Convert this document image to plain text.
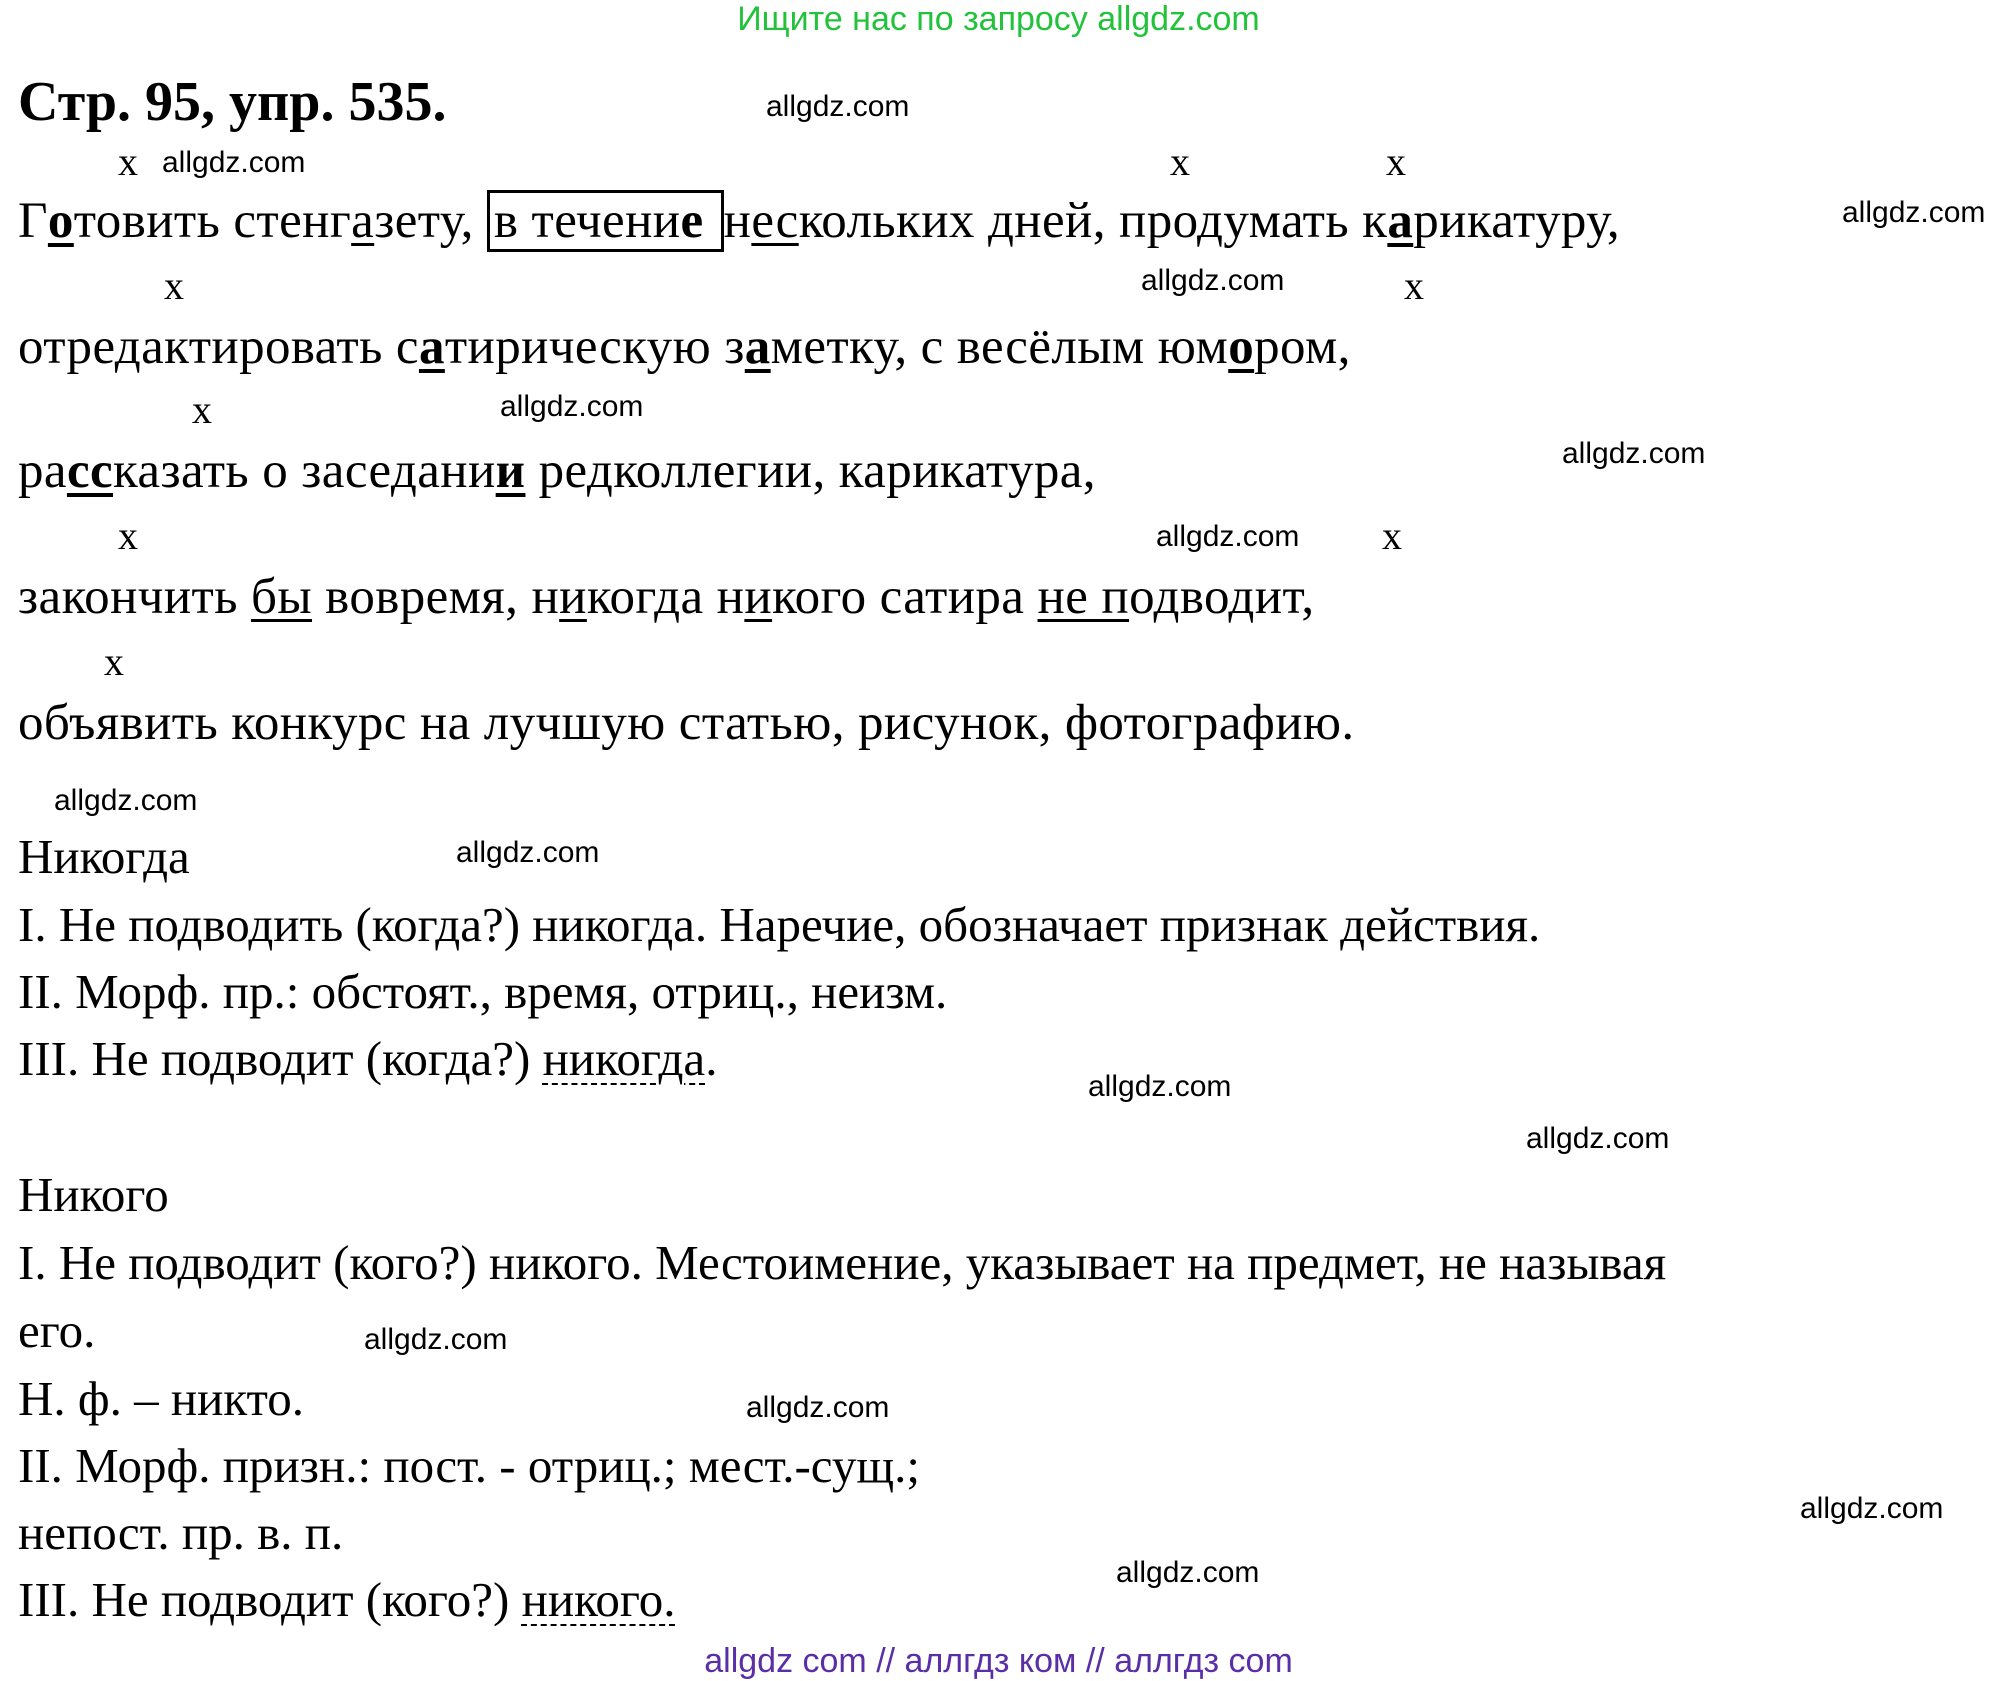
Ищите нас по запросу allgdz.com
Стр. 95, упр. 535.
x	x	x
x	x
x
x	x
x
Готовить стенгазету, в течение нескольких дней, продумать карикатуру,
отредактировать сатирическую заметку, с весёлым юмором,
рассказать о заседании редколлегии, карикатура,
закончить бы вовремя, никогда никого сатира не подводит,
объявить конкурс на лучшую статью, рисунок, фотографию.
Никогда
I. Не подводить (когда?) никогда. Наречие, обозначает признак действия.
II. Морф. пр.: обстоят., время, отриц., неизм.
III. Не подводит (когда?) никогда.
Никого
I. Не подводит (кого?) никого. Местоимение, указывает на предмет, не называя
его.
Н. ф. – никто.
II. Морф. призн.: пост. - отриц.; мест.-сущ.;
непост. пр. в. п.
III. Не подводит (кого?) никого.
allgdz.com
allgdz.com
allgdz.com
allgdz.com
allgdz.com
allgdz.com
allgdz.com
allgdz.com
allgdz.com
allgdz.com
allgdz.com
allgdz.com
allgdz.com
allgdz.com
allgdz.com
allgdz com // аллгдз ком // аллгдз com
